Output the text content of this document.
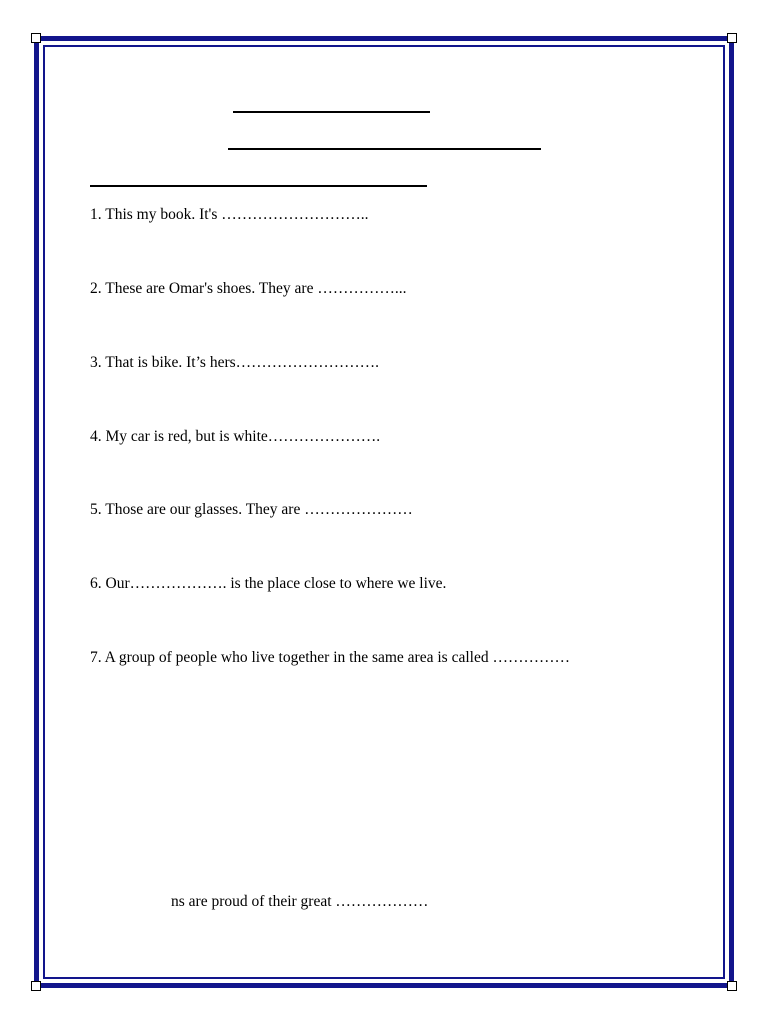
1. This my book. It's ………………………..
2. These are Omar's shoes. They are ……………...
3. That is bike. It’s hers……………………….
4. My car is red, but is white………………….
5. Those are our glasses. They are …………………
6. Our………………. is the place close to where we live.
7. A group of people who live together in the same area is called ……………
ns are proud of their great ………………
